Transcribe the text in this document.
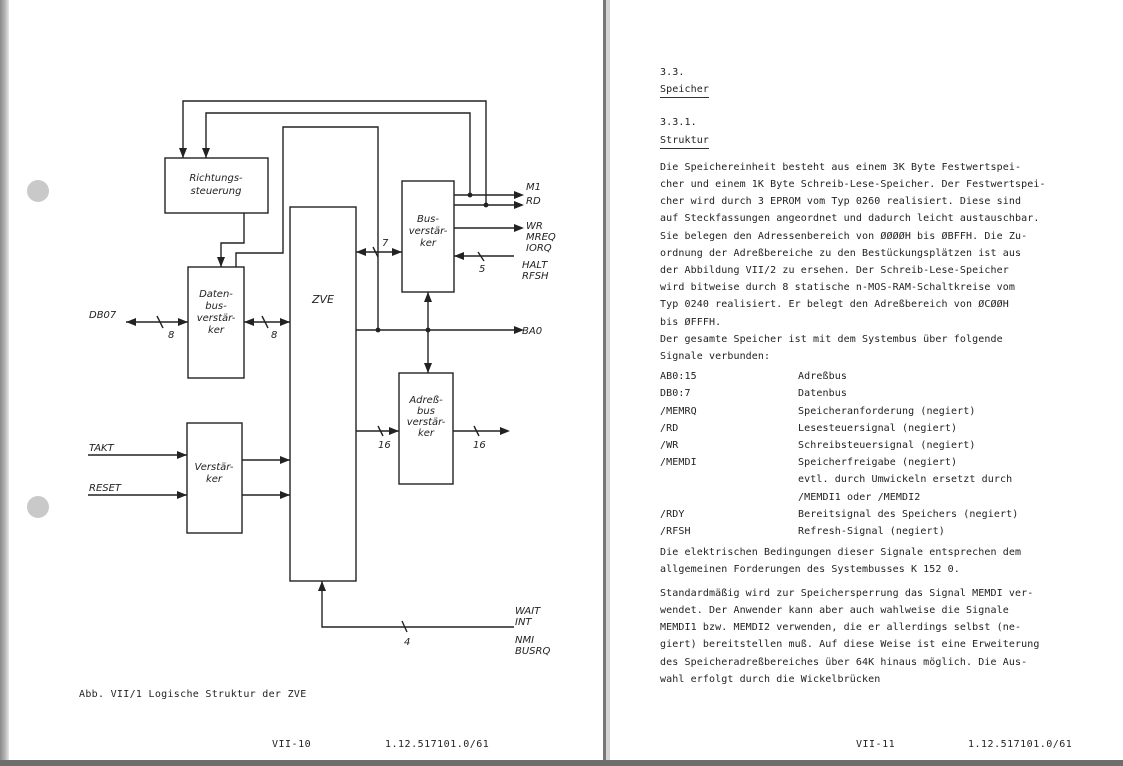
Richtungs-
steuerung
Daten-
bus-
verstär-
ker
Verstär-
ker
ZVE
Bus-
verstär-
ker
Adreß-
bus
verstär-
ker
M1
RD
WR
MREQ
IORQ
HALT
RFSH
BA0
DB07
TAKT
RESET
WAIT
INT
NMI
BUSRQ
8	8
7
5
16	16
4
Abb. VII/1 Logische Struktur der ZVE
VII-10	1.12.517101.0/61
3.3.
Speicher
3.3.1.
Struktur
Die Speichereinheit besteht aus einem 3K Byte Festwertspei-
cher und einem 1K Byte Schreib-Lese-Speicher. Der Festwertspei-
cher wird durch 3 EPROM vom Typ 0260 realisiert. Diese sind
auf Steckfassungen angeordnet und dadurch leicht austauschbar.
Sie belegen den Adressenbereich von ØØØØH bis ØBFFH. Die Zu-
ordnung der Adreßbereiche zu den Bestückungsplätzen ist aus
der Abbildung VII/2 zu ersehen. Der Schreib-Lese-Speicher
wird bitweise durch 8 statische n-MOS-RAM-Schaltkreise vom
Typ 0240 realisiert. Er belegt den Adreßbereich von ØCØØH
bis ØFFFH.
Der gesamte Speicher ist mit dem Systembus über folgende
Signale verbunden:
AB0:15	Adreßbus
DB0:7	Datenbus
/MEMRQ	Speicheranforderung (negiert)
/RD	Lesesteuersignal (negiert)
/WR	Schreibsteuersignal (negiert)
/MEMDI	Speicherfreigabe (negiert)
evtl. durch Umwickeln ersetzt durch
/MEMDI1 oder /MEMDI2
/RDY	Bereitsignal des Speichers (negiert)
/RFSH	Refresh-Signal (negiert)
Die elektrischen Bedingungen dieser Signale entsprechen dem
allgemeinen Forderungen des Systembusses K 152 0.
Standardmäßig wird zur Speichersperrung das Signal MEMDI ver-
wendet. Der Anwender kann aber auch wahlweise die Signale
MEMDI1 bzw. MEMDI2 verwenden, die er allerdings selbst (ne-
giert) bereitstellen muß. Auf diese Weise ist eine Erweiterung
des Speicheradreßbereiches über 64K hinaus möglich. Die Aus-
wahl erfolgt durch die Wickelbrücken
VII-11	1.12.517101.0/61
